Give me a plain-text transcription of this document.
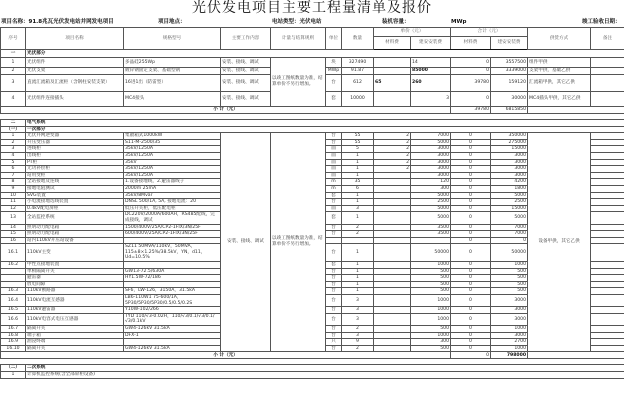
光伏发电项目主要工程量清单及报价
项目名称：91.8兆瓦光伏发电站并网发电项目	项目地点：	电站类型：光伏电站	装机容量：	MWp	竣工验收日期：
序号	项目名称	规格型号	主要工作内容	计量与结算规则	单位	数量	单价（元）		合计（元）		供货方式	备注
							材料费	建安安装费	材料费	建安安装费		
一	光伏部分											
1	光伏组件	多晶硅255Wp	安装、接线、调试	以竣工图纸数量为准，结算单价不另行增加。	块	327490		14	0	3557500	组件甲供	
2	光伏支架	镀锌钢固定支架、基础型钢	安装、接线、调试		MWp	91.87		85000	0	3339000	支架甲供，基础乙供	
3	直流汇流箱及汇流柜（含钢柱安装支架）	16进1出（防雷型）	安装、接线、调试		台	612	65	260	39780	159120	汇流箱甲供，其它乙供	
4	光伏组件连接插头	MC4接头	安装、接线、调试		套	10000		3	0	30000	MC4插头甲供，其它乙供	
小 计（元）									39780	6815850		

二	电气系统											
（一）	一次部分											
1	光伏并网逆变器	集散箱式1000kW	安装、接线、调试	以竣工图纸数量为准，结算单价不另行增加。	台	55	2	7000	0	350000	设备甲供，其它乙供	
2	升压变压器	S11-M-2500/35			台	55	2	5000	0	275000		
3	进线柜	35kV/1250A			面	5	2	3000	0	15000		
4	出线柜	35kV/1250A			面	1	2	3000	0	3000		
5	PT柜	35kV			面	1	2	3000	0	3000		
6	无功补偿柜	35kV/1250A			面	1	2	3000	0	3000		
7	站用变柜	35kV/1250A			面	1		3000	0	3000		
8	全站接地及连线	1.设备接地线，2.避雷器线子			m	35		120	0	4200		
9	接地电阻测试	2000m 25mA			m	6		300	0	1800		
10	SVG装置	35kV/8Mvar			套	1		5000	0	5000		
11	小电流接地选线装置	DNSL 500/1A, 5A, 接地电流：20			台	1		2500	0	2500		
12	0.4kV配电屏柜	低压开关柜，低压配电柜			面	3		5000	0	15000		
13	全站监控系统	DC220V/2000A/600AH，RS485配线，完成接线，调试			套	1		5000	0	5000		
14	照明动力配电箱	1500/400V/25A/CP2-1FIX/3N/25F			台	2		3500	0	7000		
15	照明动力配电箱	600/400V/25A/CP2-1FIX/3N/25F			台	2		3500	0	7000		
16	站内110kV升压站设备								0	0		
16.1	110kV主变	SZ11 50MVA/110kV，50MVA，115±8×1.25%/38.5kV，YN，d11，Ud=10.5%			台	1		50000	0	50000		
16.2	中性点接地装置				套	1		1000	0	1000		
	单相隔离开关	GW13-72.5/630A			台	1		500	0	500		
	避雷器	HY1.5W-72/186			台	1		500	0	500		
	放电间隙				台	1		500	0	500		
16.3	110kV断路器	SF6，LW-126，3150A，31.5kA			台	1		500	0	500		
16.4	110kV电流互感器	LB6-110W1 75-600/1A，5P30/5P30/5P30/0.5/0.5/0.2S			台	3		1000	0	3000		
16.5	110kV避雷器	Y10W-102/266			台	3		1000	0	3000		
16.6	110kV电容式电压互感器	TYD 110/√3-0.02H，110/√3/0.1/√3/0.1/√3/0.1kV			台	3		1000	0	3000		
16.7	隔离开关	GW4-126kV 31.5kA			台	2		500	0	1000		
16.8	端子箱	DFX-1			台	3		1000	0	3000		
16.9	油浸终端				只	9		300	0	2700		
16.10	隔离开关	GW4-126kV 31.5kA			台	2		500	0	1000		
小 计（元）									0	798000		

（二）	二次系统											
1	计算机监控系统(含全部屏柜设备)											
